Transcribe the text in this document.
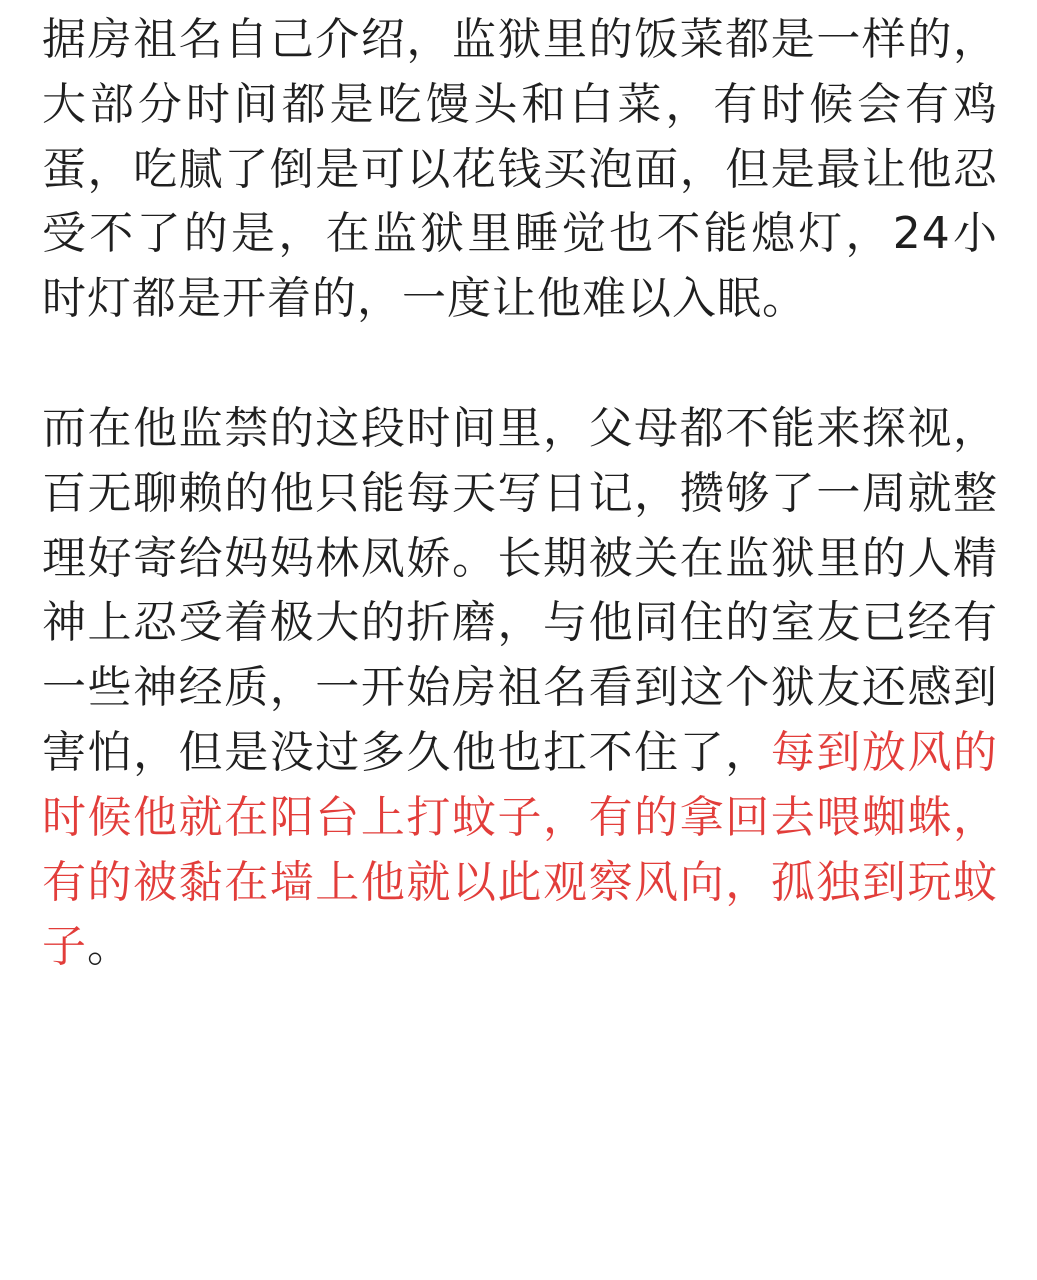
据房祖名自己介绍，监狱里的饭菜都是一样的，大部分时间都是吃馒头和白菜，有时候会有鸡蛋，吃腻了倒是可以花钱买泡面，但是最让他忍受不了的是，在监狱里睡觉也不能熄灯，24小时灯都是开着的，一度让他难以入眠。

而在他监禁的这段时间里，父母都不能来探视，百无聊赖的他只能每天写日记，攒够了一周就整理好寄给妈妈林凤娇。长期被关在监狱里的人精神上忍受着极大的折磨，与他同住的室友已经有一些神经质，一开始房祖名看到这个狱友还感到害怕，但是没过多久他也扛不住了，每到放风的时候他就在阳台上打蚊子，有的拿回去喂蜘蛛，有的被黏在墙上他就以此观察风向，孤独到玩蚊子。
